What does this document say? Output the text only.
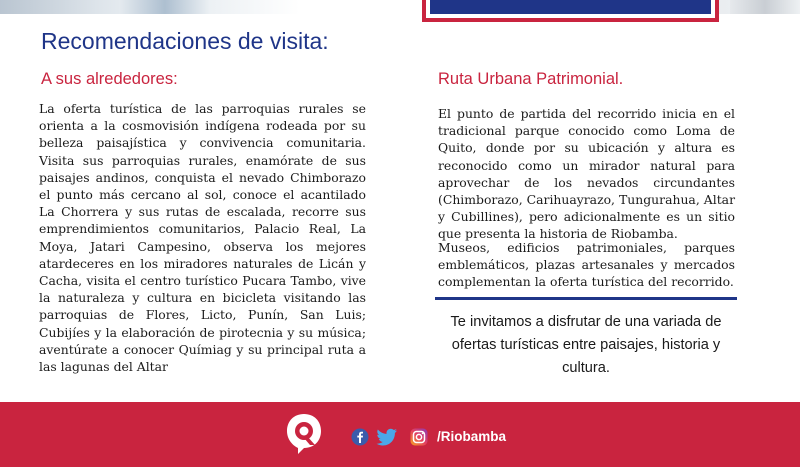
Recomendaciones de visita:
A sus alrededores:

La oferta turística de las parroquias rurales se orienta a la cosmovisión indígena rodeada por su belleza paisajística y convivencia comunitaria. Visita sus parroquias rurales, enamórate de sus paisajes andinos, conquista el nevado Chimborazo el punto más cercano al sol, conoce el acantilado La Chorrera y sus rutas de escalada, recorre sus emprendimientos comunitarios, Palacio Real, La Moya, Jatari Campesino, observa los mejores atardeceres en los miradores naturales de Licán y Cacha, visita el centro turístico Pucara Tambo, vive la naturaleza y cultura en bicicleta visitando las parroquias de Flores, Licto, Punín, San Luis; Cubijíes y la elaboración de pirotecnia y su música; aventúrate a conocer Químiag y su principal ruta a las lagunas del Altar

Ruta Urbana Patrimonial.

El punto de partida del recorrido inicia en el tradicional parque conocido como Loma de Quito, donde por su ubicación y altura es reconocido como un mirador natural para aprovechar de los nevados circundantes (Chimborazo, Carihuayrazo, Tungurahua, Altar y Cubillines), pero adicionalmente es un sitio que presenta la historia de Riobamba.

Museos, edificios patrimoniales, parques emblemáticos, plazas artesanales y mercados complementan la oferta turística del recorrido.

Te invitamos a disfrutar de una variada de ofertas turísticas entre paisajes, historia y cultura.

/Riobamba
